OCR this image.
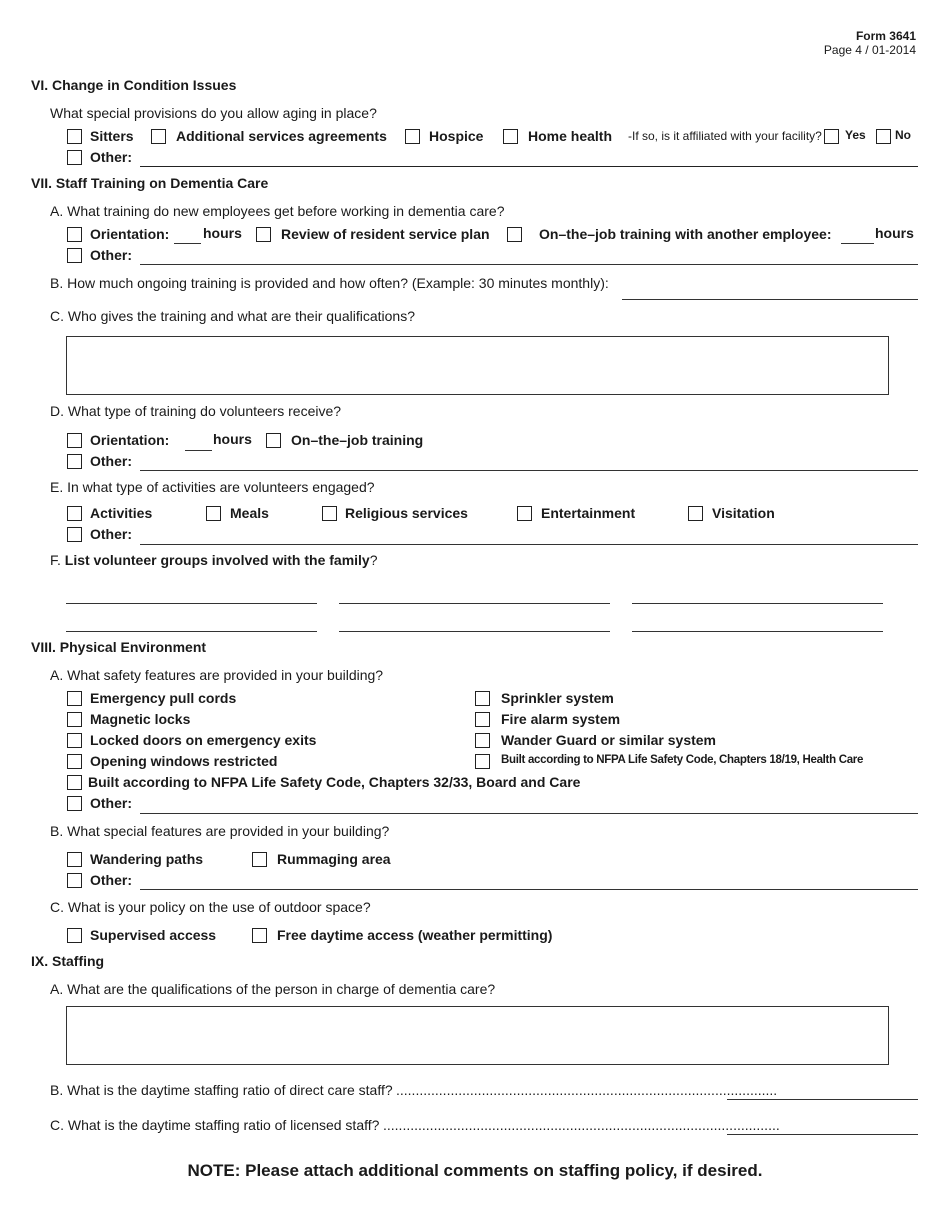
Form 3641
Page 4 / 01-2014
VI. Change in Condition Issues
What special provisions do you allow aging in place?
Sitters	Additional services agreements	Hospice	Home health -If so, is it affiliated with your facility? Yes No
Other:
VII. Staff Training on Dementia Care
A. What training do new employees get before working in dementia care?
Orientation: hours	Review of resident service plan	On–the–job training with another employee:	hours
Other:
B. How much ongoing training is provided and how often? (Example: 30 minutes monthly):
C. Who gives the training and what are their qualifications?
D. What type of training do volunteers receive?
Orientation:	hours	On–the–job training
Other:
E. In what type of activities are volunteers engaged?
Activities	Meals	Religious services	Entertainment	Visitation
Other:
F. List volunteer groups involved with the family?
VIII. Physical Environment
A. What safety features are provided in your building?
Emergency pull cords
Magnetic locks
Locked doors on emergency exits
Opening windows restricted
Sprinkler system
Fire alarm system
Wander Guard or similar system
Built according to NFPA Life Safety Code, Chapters 18/19, Health Care
Built according to NFPA Life Safety Code, Chapters 32/33, Board and Care
Other:
B. What special features are provided in your building?
Wandering paths	Rummaging area
Other:
C. What is your policy on the use of outdoor space?
Supervised access	Free daytime access (weather permitting)
IX. Staffing
A. What are the qualifications of the person in charge of dementia care?
B. What is the daytime staffing ratio of direct care staff? ..................................................................................................
C. What is the daytime staffing ratio of licensed staff? ......................................................................................................
NOTE: Please attach additional comments on staffing policy, if desired.
